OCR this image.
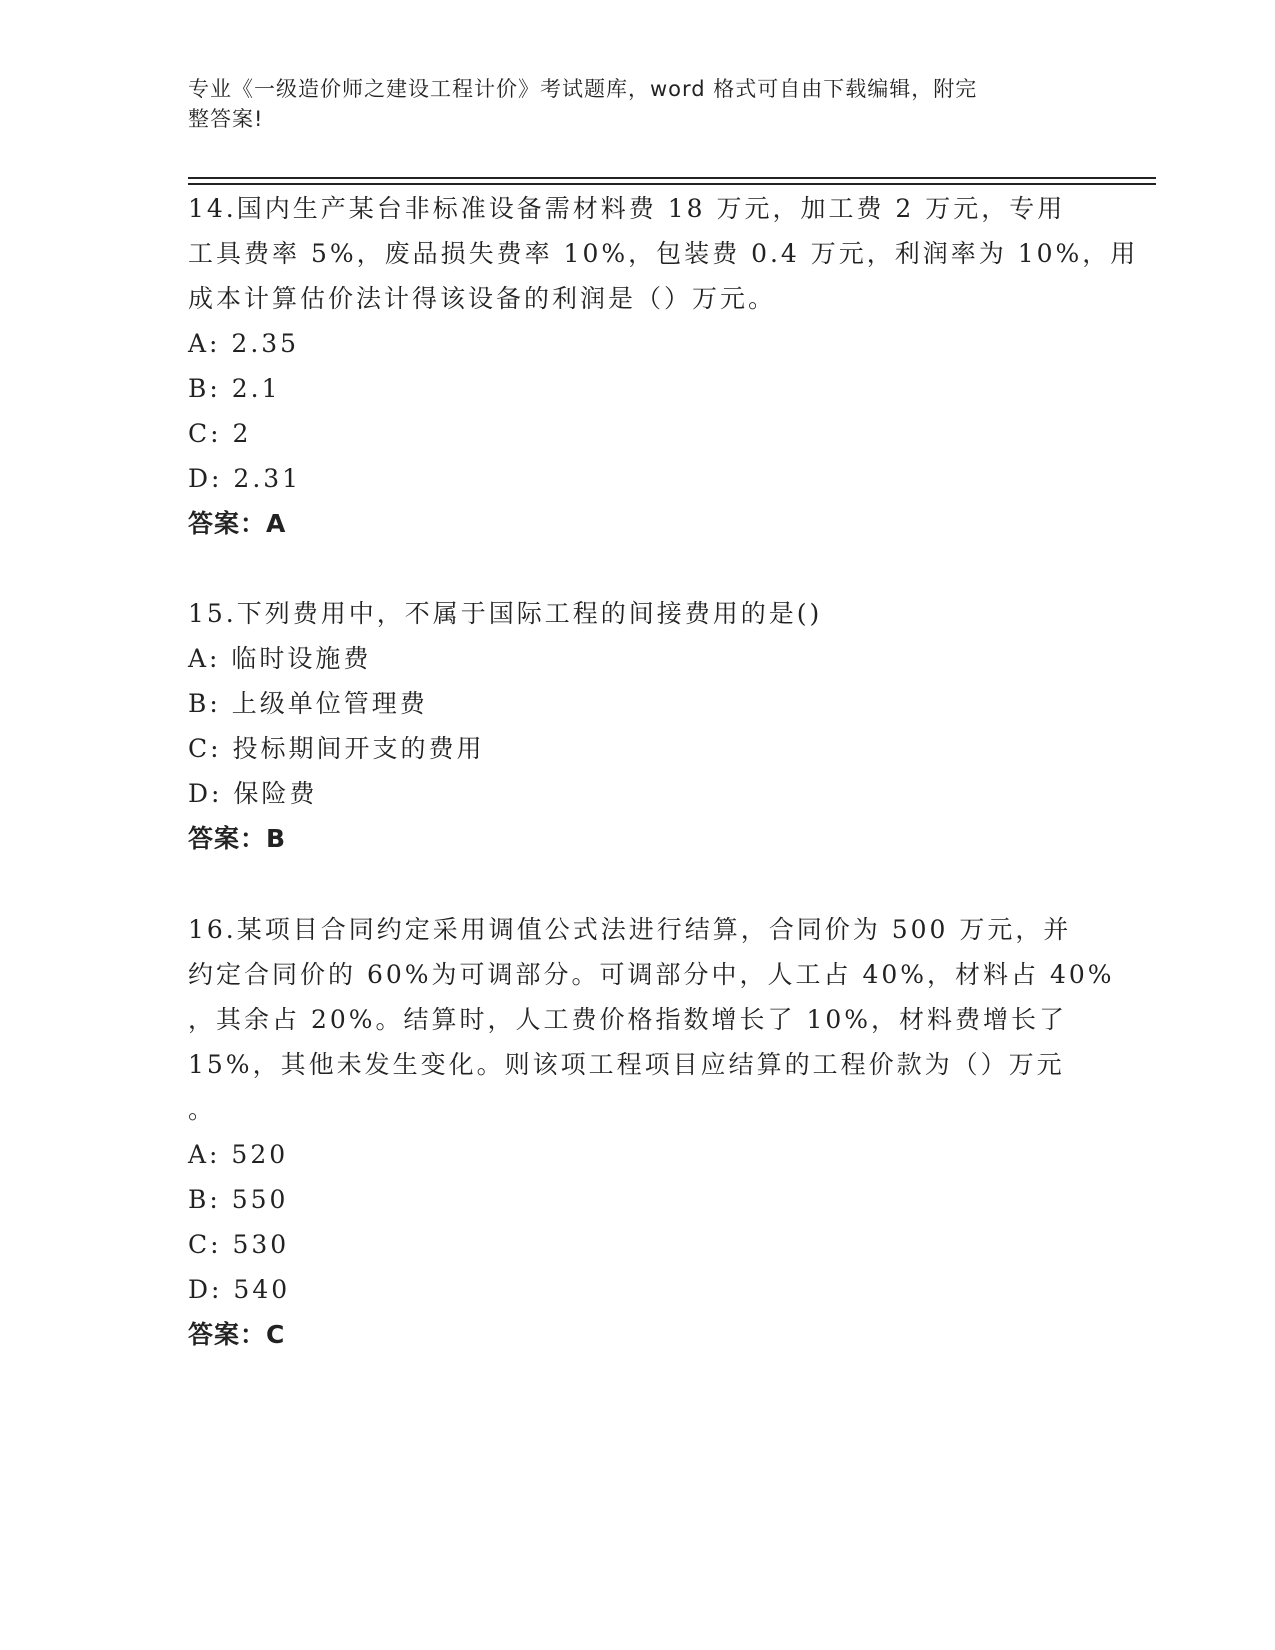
专业《一级造价师之建设工程计价》考试题库，word 格式可自由下载编辑，附完
整答案!
14.国内生产某台非标准设备需材料费 18 万元，加工费 2 万元，专用
工具费率 5%，废品损失费率 10%，包装费 0.4 万元，利润率为 10%，用
成本计算估价法计得该设备的利润是（）万元。
A: 2.35
B: 2.1
C: 2
D: 2.31
答案：A
15.下列费用中，不属于国际工程的间接费用的是()
A: 临时设施费
B: 上级单位管理费
C: 投标期间开支的费用
D: 保险费
答案：B
16.某项目合同约定采用调值公式法进行结算，合同价为 500 万元，并
约定合同价的 60%为可调部分。可调部分中，人工占 40%，材料占 40%
，其余占 20%。结算时，人工费价格指数增长了 10%，材料费增长了
15%，其他未发生变化。则该项工程项目应结算的工程价款为（）万元
。
A: 520
B: 550
C: 530
D: 540
答案：C
